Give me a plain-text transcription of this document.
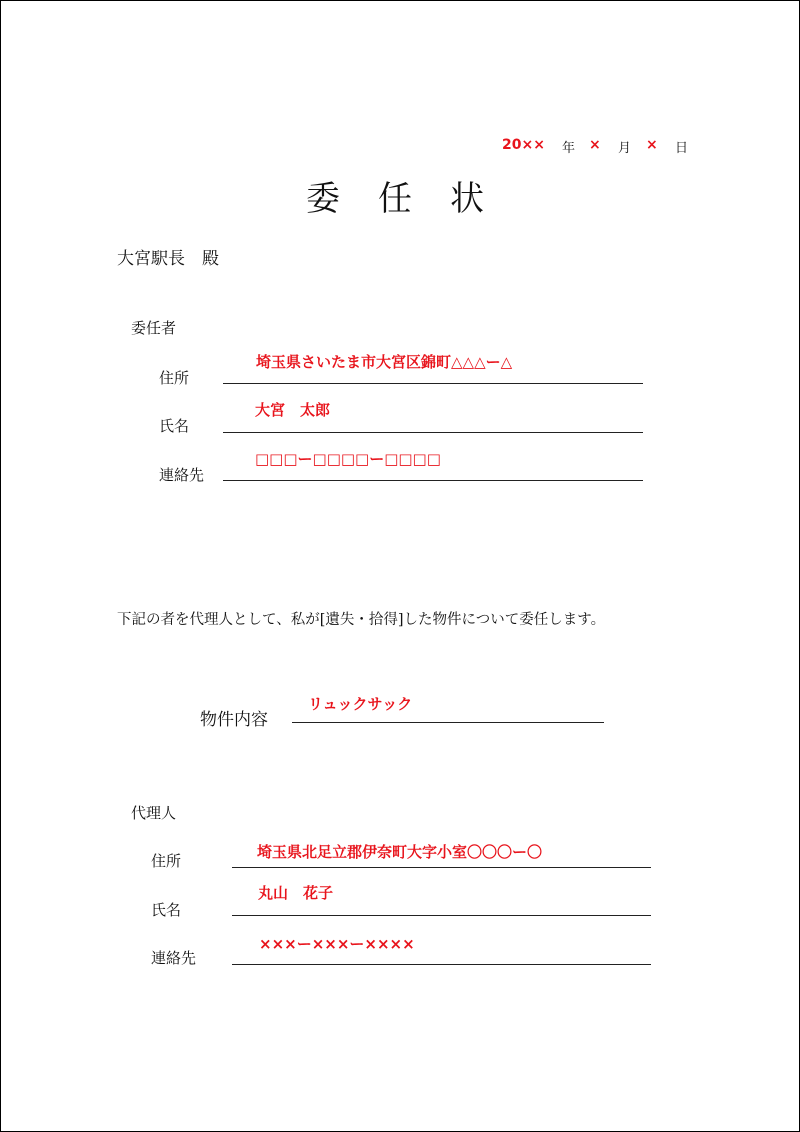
20×× 年 × 月 × 日
委　任　状
大宮駅長　殿
委任者
住所
埼玉県さいたま市大宮区錦町△△△ー△
氏名
大宮　太郎
連絡先
□□□ー□□□□ー□□□□
下記の者を代理人として、私が[遺失・拾得]した物件について委任します。
物件内容
リュックサック
代理人
住所	埼玉県北足立郡伊奈町大字小室〇〇〇ー〇
氏名
丸山　花子
連絡先
×××ー×××ー××××
